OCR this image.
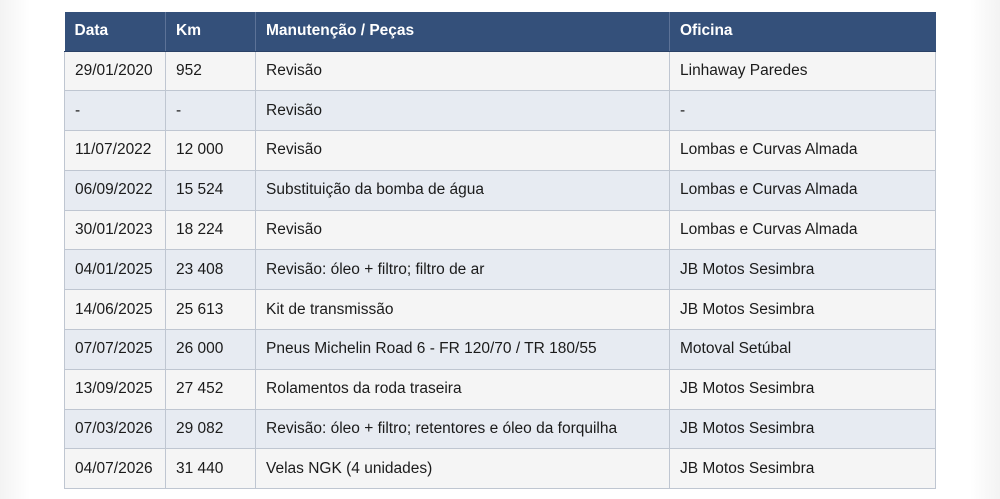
Data	Km	Manutenção / Peças	Oficina
29/01/2020	952	Revisão	Linhaway Paredes
-	-	Revisão	-
11/07/2022	12 000	Revisão	Lombas e Curvas Almada
06/09/2022	15 524	Substituição da bomba de água	Lombas e Curvas Almada
30/01/2023	18 224	Revisão	Lombas e Curvas Almada
04/01/2025	23 408	Revisão: óleo + filtro; filtro de ar	JB Motos Sesimbra
14/06/2025	25 613	Kit de transmissão	JB Motos Sesimbra
07/07/2025	26 000	Pneus Michelin Road 6 - FR 120/70 / TR 180/55	Motoval Setúbal
13/09/2025	27 452	Rolamentos da roda traseira	JB Motos Sesimbra
07/03/2026	29 082	Revisão: óleo + filtro; retentores e óleo da forquilha	JB Motos Sesimbra
04/07/2026	31 440	Velas NGK (4 unidades)	JB Motos Sesimbra
